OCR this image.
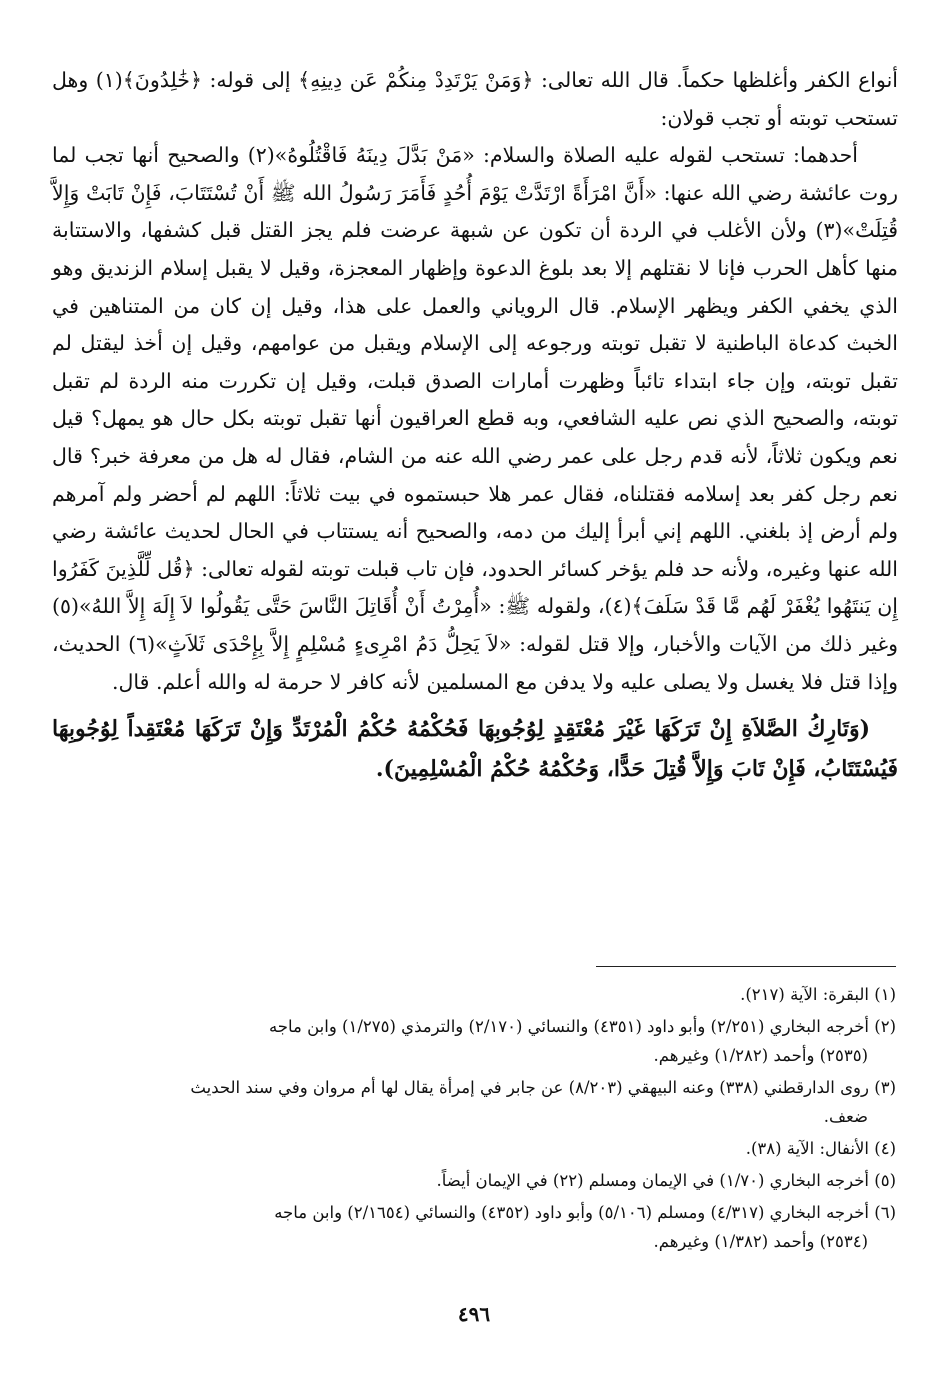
أنواع الكفر وأغلظها حكماً. قال الله تعالى: ﴿وَمَنْ يَرْتَدِدْ مِنكُمْ عَن دِينِهِ﴾ إلى قوله: ﴿خَٰلِدُونَ﴾(١) وهل تستحب توبته أو تجب قولان:

أحدهما: تستحب لقوله عليه الصلاة والسلام: «مَنْ بَدَّلَ دِينَهُ فَاقْتُلُوهُ»(٢) والصحيح أنها تجب لما روت عائشة رضي الله عنها: «أَنَّ امْرَأَةً ارْتَدَّتْ يَوْمَ أُحُدٍ فَأَمَرَ رَسُولُ الله ﷺ أَنْ تُسْتَتَابَ، فَإِنْ تَابَتْ وَإِلاَّ قُتِلَتْ»(٣) ولأن الأغلب في الردة أن تكون عن شبهة عرضت فلم يجز القتل قبل كشفها، والاستتابة منها كأهل الحرب فإنا لا نقتلهم إلا بعد بلوغ الدعوة وإظهار المعجزة، وقيل لا يقبل إسلام الزنديق وهو الذي يخفي الكفر ويظهر الإسلام. قال الروياني والعمل على هذا، وقيل إن كان من المتناهين في الخبث كدعاة الباطنية لا تقبل توبته ورجوعه إلى الإسلام ويقبل من عوامهم، وقيل إن أخذ ليقتل لم تقبل توبته، وإن جاء ابتداء تائباً وظهرت أمارات الصدق قبلت، وقيل إن تكررت منه الردة لم تقبل توبته، والصحيح الذي نص عليه الشافعي، وبه قطع العراقيون أنها تقبل توبته بكل حال هو يمهل؟ قيل نعم ويكون ثلاثاً، لأنه قدم رجل على عمر رضي الله عنه من الشام، فقال له هل من معرفة خبر؟ قال نعم رجل كفر بعد إسلامه فقتلناه، فقال عمر هلا حبستموه في بيت ثلاثاً: اللهم لم أحضر ولم آمرهم ولم أرض إذ بلغني. اللهم إني أبرأ إليك من دمه، والصحيح أنه يستتاب في الحال لحديث عائشة رضي الله عنها وغيره، ولأنه حد فلم يؤخر كسائر الحدود، فإن تاب قبلت توبته لقوله تعالى: ﴿قُل لِّلَّذِينَ كَفَرُوا إِن يَنتَهُوا يُغْفَرْ لَهُم مَّا قَدْ سَلَفَ﴾(٤)، ولقوله ﷺ: «أُمِرْتُ أَنْ أُقَاتِلَ النَّاسَ حَتَّى يَقُولُوا لاَ إِلَهَ إِلاَّ اللهُ»(٥) وغير ذلك من الآيات والأخبار، وإلا قتل لقوله: «لاَ يَحِلُّ دَمُ امْرِىءٍ مُسْلِمٍ إِلاَّ بِإِحْدَى ثَلاَثٍ»(٦) الحديث، وإذا قتل فلا يغسل ولا يصلى عليه ولا يدفن مع المسلمين لأنه كافر لا حرمة له والله أعلم. قال.

(وَتَارِكُ الصَّلاَةِ إِنْ تَرَكَهَا غَيْرَ مُعْتَقِدٍ لِوُجُوبِهَا فَحُكْمُهُ حُكْمُ الْمُرْتَدِّ وَإِنْ تَرَكَهَا مُعْتَقِداً لِوُجُوبِهَا فَيُسْتَتَابُ، فَإِنْ تَابَ وَإِلاَّ قُتِلَ حَدًّا، وَحُكْمُهُ حُكْمُ الْمُسْلِمِينَ).

(١) البقرة: الآية (٢١٧).

(٢) أخرجه البخاري (٢/٢٥١) وأبو داود (٤٣٥١) والنسائي (٢/١٧٠) والترمذي (١/٢٧٥) وابن ماجه
(٢٥٣٥) وأحمد (١/٢٨٢) وغيرهم.

(٣) روى الدارقطني (٣٣٨) وعنه البيهقي (٨/٢٠٣) عن جابر في إمرأة يقال لها أم مروان وفي سند الحديث
ضعف.

(٤) الأنفال: الآية (٣٨).

(٥) أخرجه البخاري (١/٧٠) في الإيمان ومسلم (٢٢) في الإيمان أيضاً.

(٦) أخرجه البخاري (٤/٣١٧) ومسلم (٥/١٠٦) وأبو داود (٤٣٥٢) والنسائي (٢/١٦٥٤) وابن ماجه
(٢٥٣٤) وأحمد (١/٣٨٢) وغيرهم.

٤٩٦
